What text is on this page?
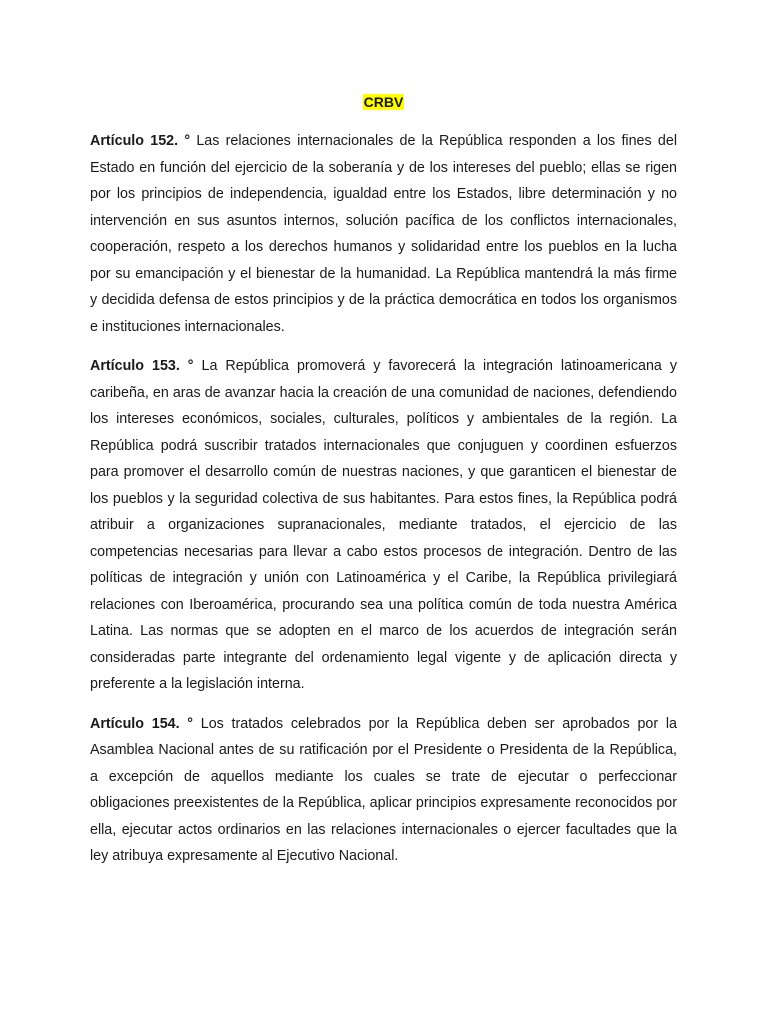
CRBV

Artículo 152. ° Las relaciones internacionales de la República responden a los fines del Estado en función del ejercicio de la soberanía y de los intereses del pueblo; ellas se rigen por los principios de independencia, igualdad entre los Estados, libre determinación y no intervención en sus asuntos internos, solución pacífica de los conflictos internacionales, cooperación, respeto a los derechos humanos y solidaridad entre los pueblos en la lucha por su emancipación y el bienestar de la humanidad. La República mantendrá la más firme y decidida defensa de estos principios y de la práctica democrática en todos los organismos e instituciones internacionales.

Artículo 153. ° La República promoverá y favorecerá la integración latinoamericana y caribeña, en aras de avanzar hacia la creación de una comunidad de naciones, defendiendo los intereses económicos, sociales, culturales, políticos y ambientales de la región. La República podrá suscribir tratados internacionales que conjuguen y coordinen esfuerzos para promover el desarrollo común de nuestras naciones, y que garanticen el bienestar de los pueblos y la seguridad colectiva de sus habitantes. Para estos fines, la República podrá atribuir a organizaciones supranacionales, mediante tratados, el ejercicio de las competencias necesarias para llevar a cabo estos procesos de integración. Dentro de las políticas de integración y unión con Latinoamérica y el Caribe, la República privilegiará relaciones con Iberoamérica, procurando sea una política común de toda nuestra América Latina. Las normas que se adopten en el marco de los acuerdos de integración serán consideradas parte integrante del ordenamiento legal vigente y de aplicación directa y preferente a la legislación interna.

Artículo 154. ° Los tratados celebrados por la República deben ser aprobados por la Asamblea Nacional antes de su ratificación por el Presidente o Presidenta de la República, a excepción de aquellos mediante los cuales se trate de ejecutar o perfeccionar obligaciones preexistentes de la República, aplicar principios expresamente reconocidos por ella, ejecutar actos ordinarios en las relaciones internacionales o ejercer facultades que la ley atribuya expresamente al Ejecutivo Nacional.
